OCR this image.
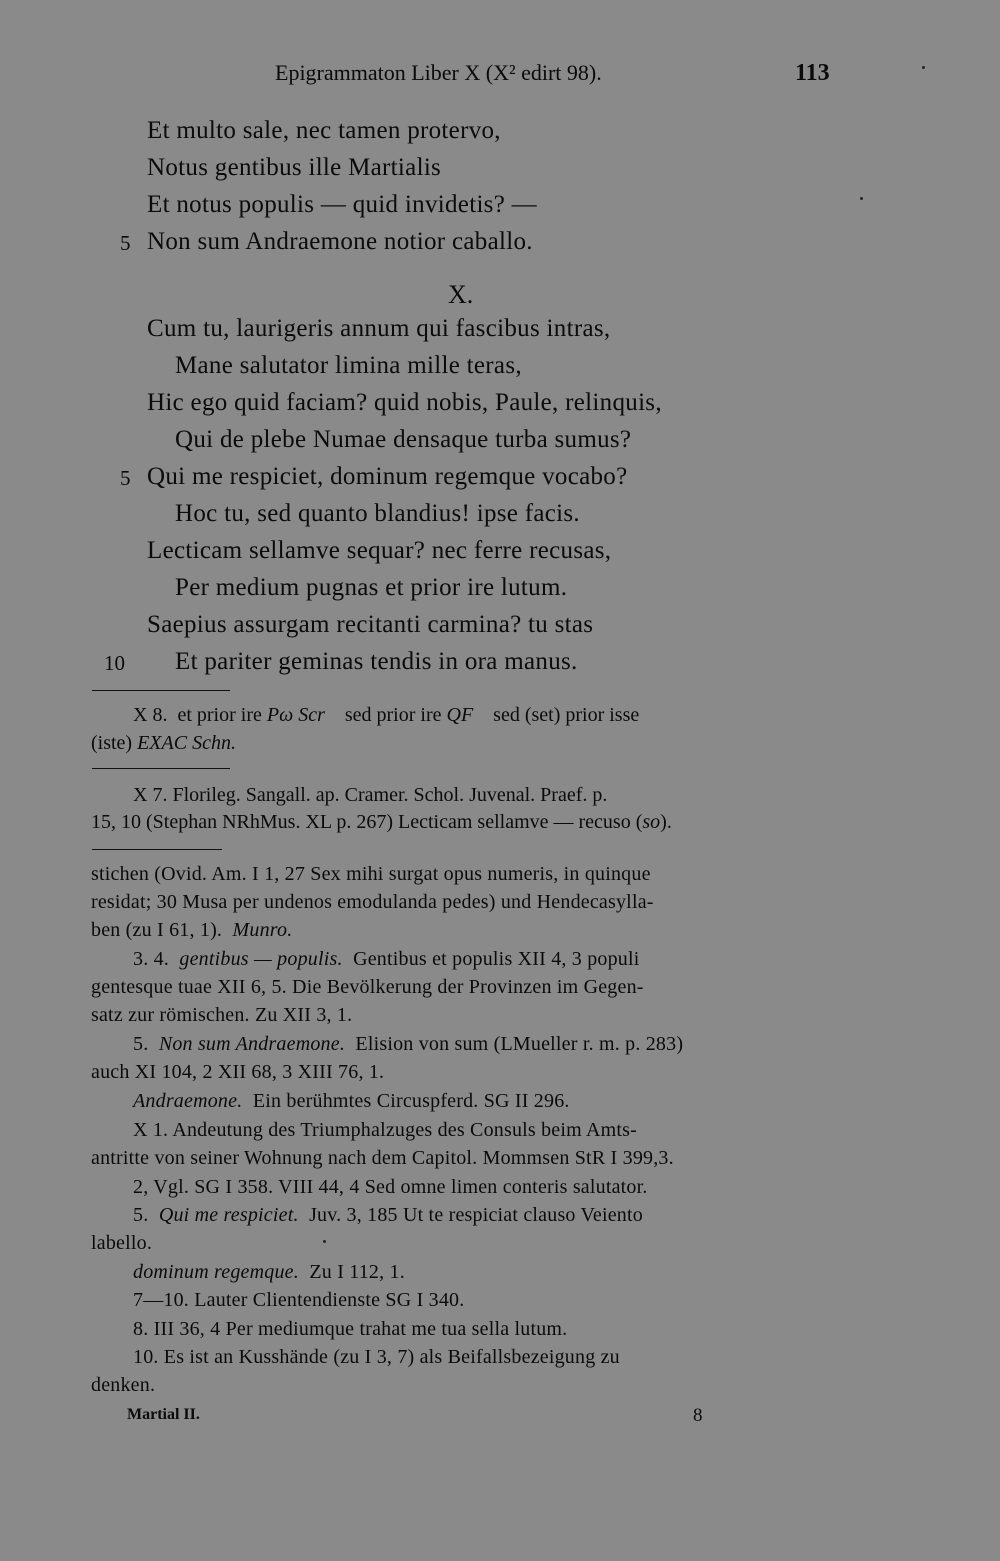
Epigrammaton Liber X (X² edirt 98).	113
Et multo sale, nec tamen protervo,
Notus gentibus ille Martialis
Et notus populis — quid invidetis? —
5 Non sum Andraemone notior caballo.
X.
Cum tu, laurigeris annum qui fascibus intras,
Mane salutator limina mille teras,
Hic ego quid faciam? quid nobis, Paule, relinquis,
Qui de plebe Numae densaque turba sumus?
5 Qui me respiciet, dominum regemque vocabo?
Hoc tu, sed quanto blandius! ipse facis.
Lecticam sellamve sequar? nec ferre recusas,
Per medium pugnas et prior ire lutum.
Saepius assurgam recitanti carmina? tu stas
10 Et pariter geminas tendis in ora manus.
X 8. et prior ire Pω Scr sed prior ire QF sed (set) prior isse
(iste) EXAC Schn.
X 7. Florileg. Sangall. ap. Cramer. Schol. Juvenal. Praef. p.
15, 10 (Stephan NRhMus. XL p. 267) Lecticam sellamve — recuso (so).
stichen (Ovid. Am. I 1, 27 Sex mihi surgat opus numeris, in quinque
residat; 30 Musa per undenos emodulanda pedes) und Hendecasylla-
ben (zu I 61, 1). Munro.
3. 4. gentibus — populis. Gentibus et populis XII 4, 3 populi
gentesque tuae XII 6, 5. Die Bevölkerung der Provinzen im Gegen-
satz zur römischen. Zu XII 3, 1.
5. Non sum Andraemone. Elision von sum (LMueller r. m. p. 283)
auch XI 104, 2 XII 68, 3 XIII 76, 1.
Andraemone. Ein berühmtes Circuspferd. SG II 296.
X 1. Andeutung des Triumphalzuges des Consuls beim Amts-
antritte von seiner Wohnung nach dem Capitol. Mommsen StR I 399,3.
2, Vgl. SG I 358. VIII 44, 4 Sed omne limen conteris salutator.
5. Qui me respiciet. Juv. 3, 185 Ut te respiciat clauso Veiento
labello.
dominum regemque. Zu I 112, 1.
7—10. Lauter Clientendienste SG I 340.
8. III 36, 4 Per mediumque trahat me tua sella lutum.
10. Es ist an Kusshände (zu I 3, 7) als Beifallsbezeigung zu
denken.
Martial II.	8
